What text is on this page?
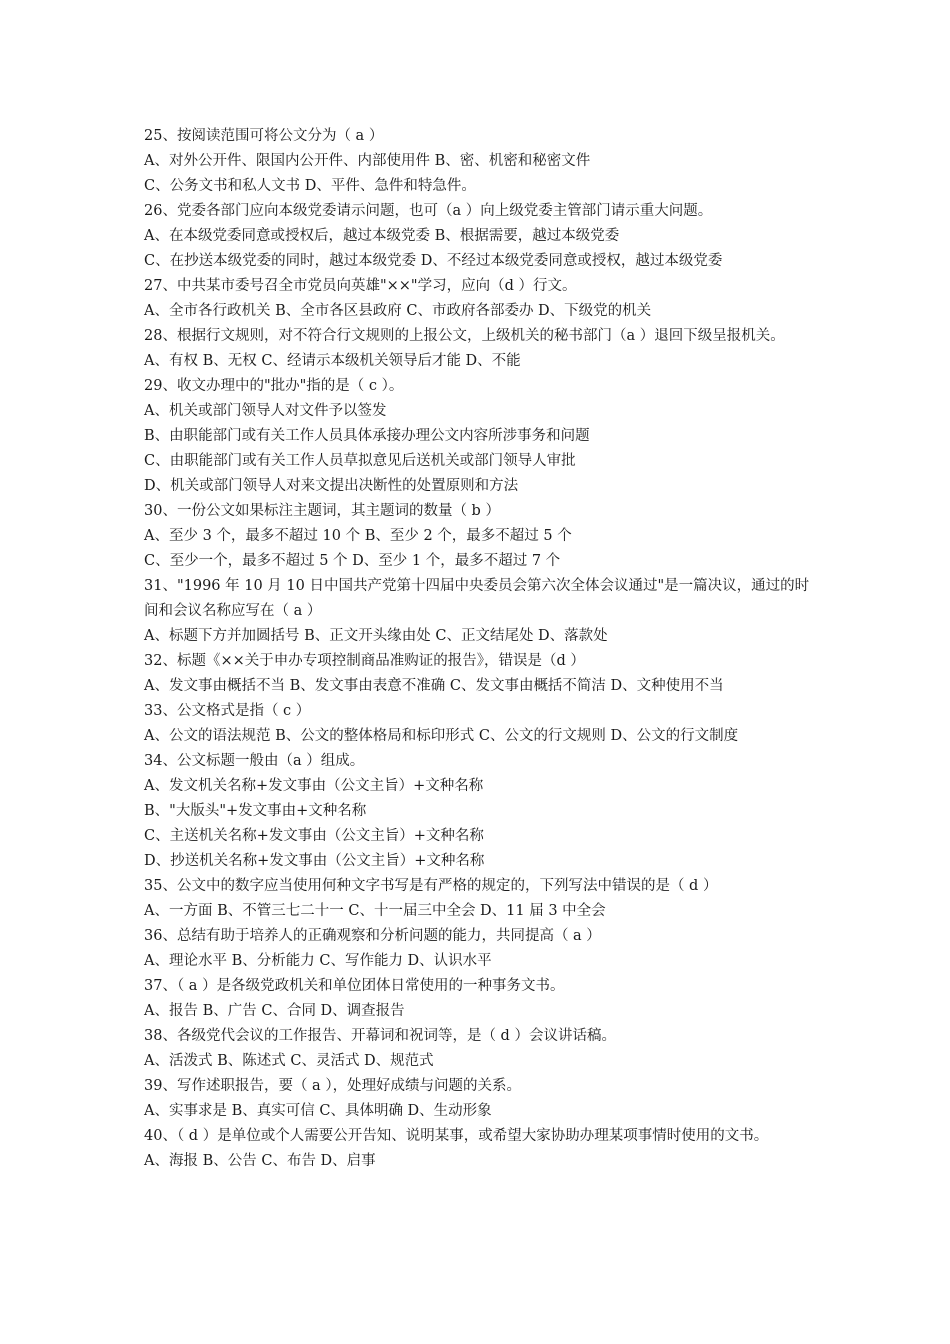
25、按阅读范围可将公文分为（ a ）

A、对外公开件、限国内公开件、内部使用件 B、密、机密和秘密文件

C、公务文书和私人文书 D、平件、急件和特急件。

26、党委各部门应向本级党委请示问题，也可（a ）向上级党委主管部门请示重大问题。

A、在本级党委同意或授权后，越过本级党委 B、根据需要，越过本级党委

C、在抄送本级党委的同时，越过本级党委 D、不经过本级党委同意或授权，越过本级党委

27、中共某市委号召全市党员向英雄"××"学习，应向（d ）行文。

A、全市各行政机关 B、全市各区县政府 C、市政府各部委办 D、下级党的机关

28、根据行文规则，对不符合行文规则的上报公文，上级机关的秘书部门（a ）退回下级呈报机关。

A、有权 B、无权 C、经请示本级机关领导后才能 D、不能

29、收文办理中的"批办"指的是（ c ）。

A、机关或部门领导人对文件予以签发

B、由职能部门或有关工作人员具体承接办理公文内容所涉事务和问题

C、由职能部门或有关工作人员草拟意见后送机关或部门领导人审批

D、机关或部门领导人对来文提出决断性的处置原则和方法

30、一份公文如果标注主题词，其主题词的数量（ b ）

A、至少 3 个，最多不超过 10 个 B、至少 2 个，最多不超过 5 个

C、至少一个，最多不超过 5 个 D、至少 1 个，最多不超过 7 个

31、"1996 年 10 月 10 日中国共产党第十四届中央委员会第六次全体会议通过"是一篇决议，通过的时间和会议名称应写在（ a ）

A、标题下方并加圆括号 B、正文开头缘由处 C、正文结尾处 D、落款处

32、标题《××关于申办专项控制商品准购证的报告》，错误是（d ）

A、发文事由概括不当 B、发文事由表意不准确 C、发文事由概括不简洁 D、文种使用不当

33、公文格式是指（ c ）

A、公文的语法规范 B、公文的整体格局和标印形式 C、公文的行文规则 D、公文的行文制度

34、公文标题一般由（a ）组成。

A、发文机关名称+发文事由（公文主旨）+文种名称

B、"大版头"+发文事由+文种名称

C、主送机关名称+发文事由（公文主旨）+文种名称

D、抄送机关名称+发文事由（公文主旨）+文种名称

35、公文中的数字应当使用何种文字书写是有严格的规定的，下列写法中错误的是（ d ）

A、一方面 B、不管三七二十一 C、十一届三中全会 D、11 届 3 中全会

36、总结有助于培养人的正确观察和分析问题的能力，共同提高（ a ）

A、理论水平 B、分析能力 C、写作能力 D、认识水平

37、（ a ）是各级党政机关和单位团体日常使用的一种事务文书。

A、报告 B、广告 C、合同 D、调查报告

38、各级党代会议的工作报告、开幕词和祝词等，是（ d ）会议讲话稿。

A、活泼式 B、陈述式 C、灵活式 D、规范式

39、写作述职报告，要（ a ），处理好成绩与问题的关系。

A、实事求是 B、真实可信 C、具体明确 D、生动形象

40、（ d ）是单位或个人需要公开告知、说明某事，或希望大家协助办理某项事情时使用的文书。

A、海报 B、公告 C、布告 D、启事
